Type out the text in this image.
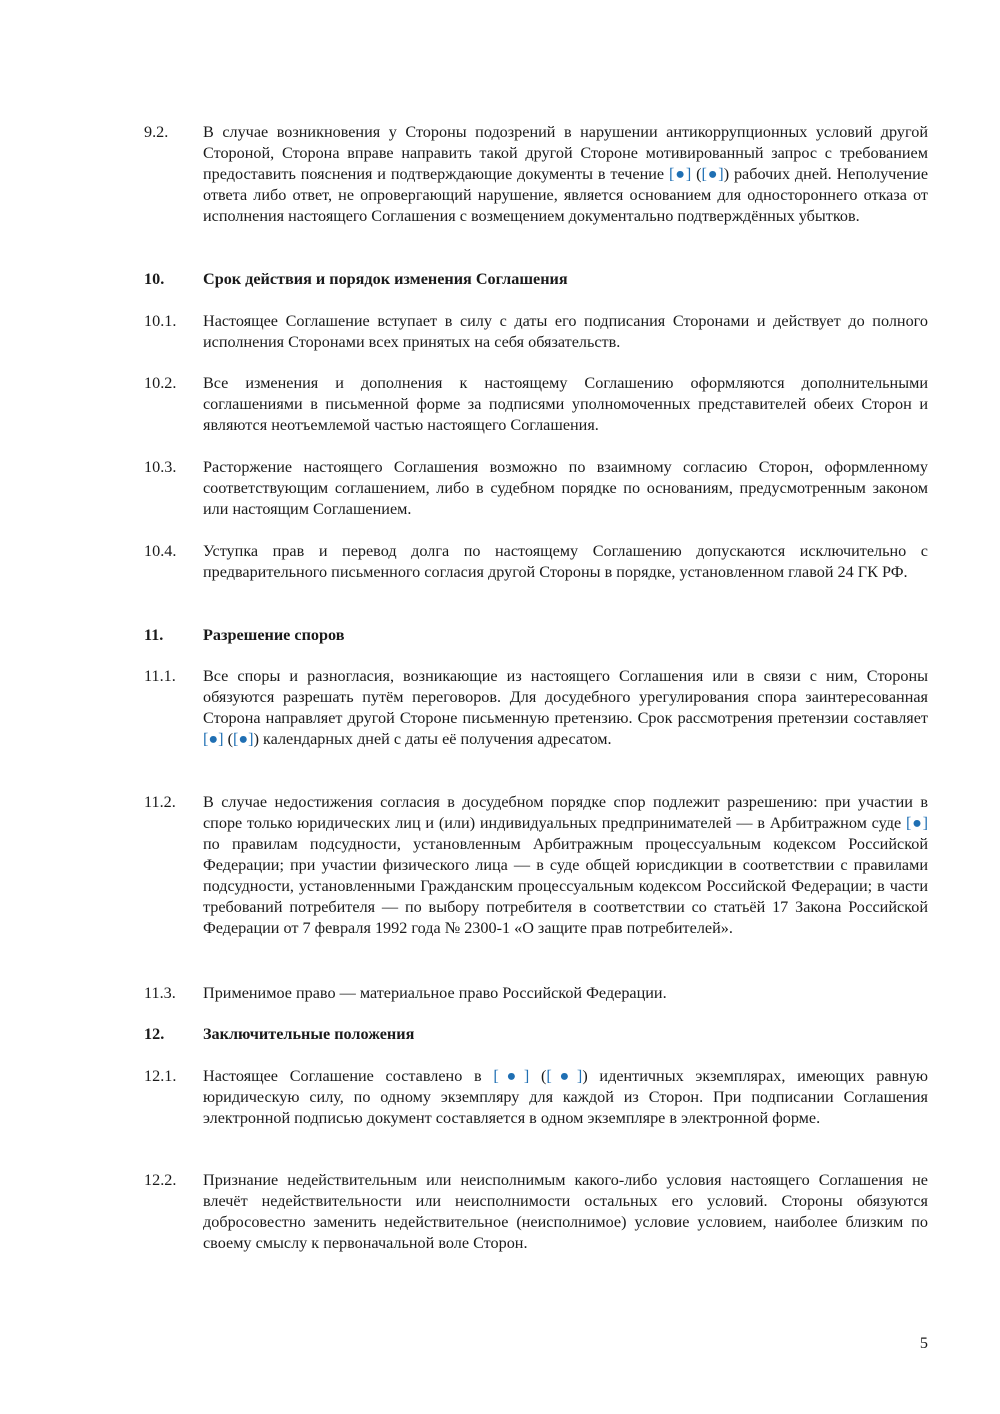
9.2.	В случае возникновения у Стороны подозрений в нарушении антикоррупционных условий другой Стороной, Сторона вправе направить такой другой Стороне мотивированный запрос с требованием предоставить пояснения и подтверждающие документы в течение [●] ([●]) рабочих дней. Неполучение ответа либо ответ, не опровергающий нарушение, является основанием для одностороннего отказа от исполнения настоящего Соглашения с возмещением документально подтверждённых убытков.
10.	Срок действия и порядок изменения Соглашения
10.1.	Настоящее Соглашение вступает в силу с даты его подписания Сторонами и действует до полного исполнения Сторонами всех принятых на себя обязательств.
10.2.	Все изменения и дополнения к настоящему Соглашению оформляются дополнительными соглашениями в письменной форме за подписями уполномоченных представителей обеих Сторон и являются неотъемлемой частью настоящего Соглашения.
10.3.	Расторжение настоящего Соглашения возможно по взаимному согласию Сторон, оформленному соответствующим соглашением, либо в судебном порядке по основаниям, предусмотренным законом или настоящим Соглашением.
10.4.	Уступка прав и перевод долга по настоящему Соглашению допускаются исключительно с предварительного письменного согласия другой Стороны в порядке, установленном главой 24 ГК РФ.
11.	Разрешение споров
11.1.	Все споры и разногласия, возникающие из настоящего Соглашения или в связи с ним, Стороны обязуются разрешать путём переговоров. Для досудебного урегулирования спора заинтересованная Сторона направляет другой Стороне письменную претензию. Срок рассмотрения претензии составляет [●] ([●]) календарных дней с даты её получения адресатом.
11.2.	В случае недостижения согласия в досудебном порядке спор подлежит разрешению: при участии в споре только юридических лиц и (или) индивидуальных предпринимателей — в Арбитражном суде [●] по правилам подсудности, установленным Арбитражным процессуальным кодексом Российской Федерации; при участии физического лица — в суде общей юрисдикции в соответствии с правилами подсудности, установленными Гражданским процессуальным кодексом Российской Федерации; в части требований потребителя — по выбору потребителя в соответствии со статьёй 17 Закона Российской Федерации от 7 февраля 1992 года № 2300-1 «О защите прав потребителей».
11.3.	Применимое право — материальное право Российской Федерации.
12.	Заключительные положения
12.1.	Настоящее Соглашение составлено в [●] ([●]) идентичных экземплярах, имеющих равную юридическую силу, по одному экземпляру для каждой из Сторон. При подписании Соглашения электронной подписью документ составляется в одном экземпляре в электронной форме.
12.2.	Признание недействительным или неисполнимым какого-либо условия настоящего Соглашения не влечёт недействительности или неисполнимости остальных его условий. Стороны обязуются добросовестно заменить недействительное (неисполнимое) условие условием, наиболее близким по своему смыслу к первоначальной воле Сторон.
5
